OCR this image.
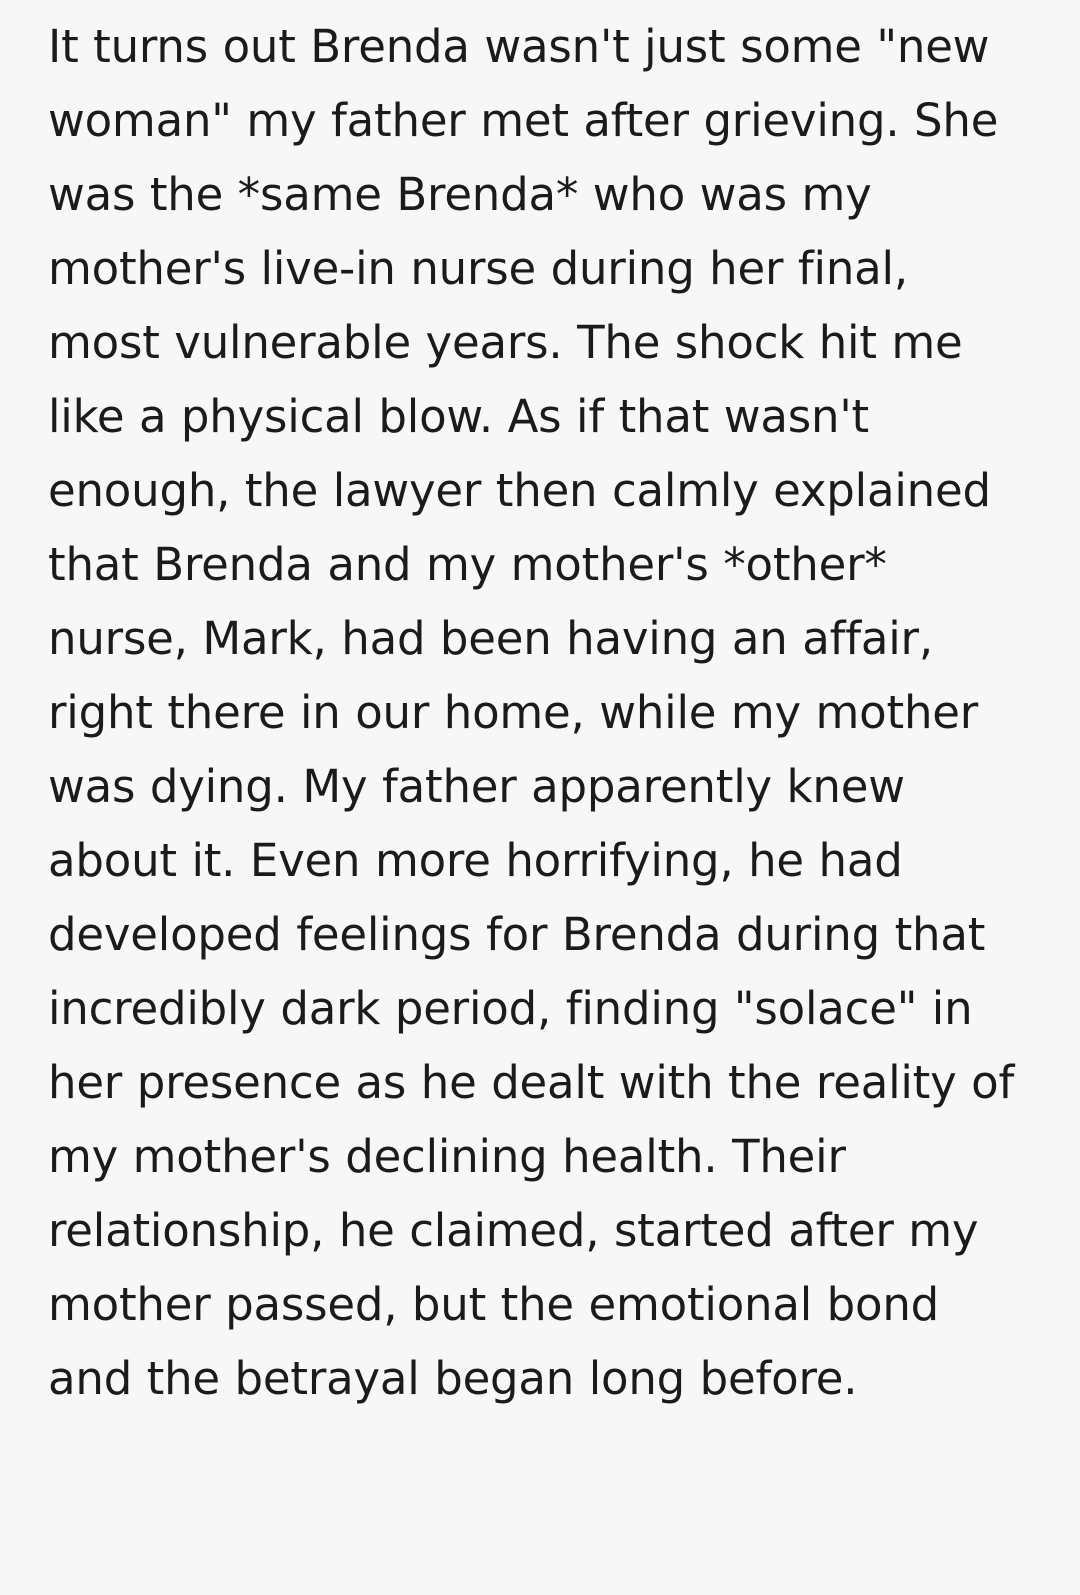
It turns out Brenda wasn't just some "new woman" my father met after grieving. She was the *same Brenda* who was my mother's live-in nurse during her final, most vulnerable years. The shock hit me like a physical blow. As if that wasn't enough, the lawyer then calmly explained that Brenda and my mother's *other* nurse, Mark, had been having an affair, right there in our home, while my mother was dying. My father apparently knew about it. Even more horrifying, he had developed feelings for Brenda during that incredibly dark period, finding "solace" in her presence as he dealt with the reality of my mother's declining health. Their relationship, he claimed, started after my mother passed, but the emotional bond and the betrayal began long before.
